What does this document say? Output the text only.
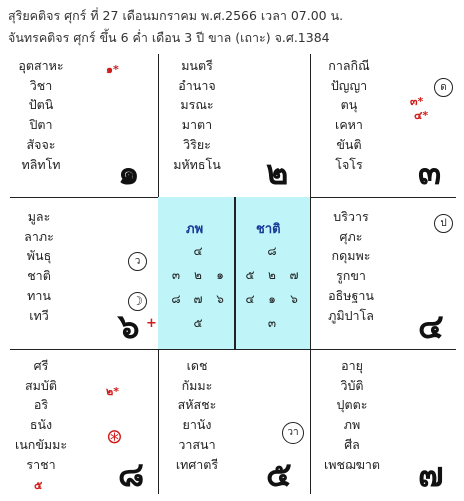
สุริยคติจร ศุกร์ ที่ 27 เดือนมกราคม พ.ศ.2566 เวลา 07.00 น.
จันทรคติจร ศุกร์ ขึ้น 6 ค่ำ เดือน 3 ปี ขาล (เถาะ) จ.ศ.1384
อุตสาหะ
วิชา
ปัตนิ
ปิตา
สัจจะ
ทลิทโท
๑*
๑
มนตรี
อำนาจ
มรณะ
มาตา
วิริยะ
มหัทธโน ๒
กาลกิณี
ปัญญา
ตนุ
เคหา
ขันติ
โจโร
ด
๓*
๔*
๓
มูละ
ลาภะ
พันธุ
ชาติ
ทาน
เทวี
ว
☽
๖ +
ภพ	ชาติ
๔
๓ ๒ ๑
๘ ๗ ๖
๕
๘
๕ ๒ ๗
๔ ๑ ๖
๓
บริวาร
ศุภะ
กดุมพะ
รูกขา
อธิษฐาน
ภูมิปาโล
ป
๔
ศรี
สมบัติ
อริ
ธนัง
เนกขัมมะ
ราชา
๕
๒*
⊛
๘
เดช
กัมมะ
สหัสชะ
ยานัง
วาสนา
เทศาตรี
วา
๕
อายุ
วิบัติ
ปุตตะ
ภพ
ศีล
เพชฌฆาต ๗
